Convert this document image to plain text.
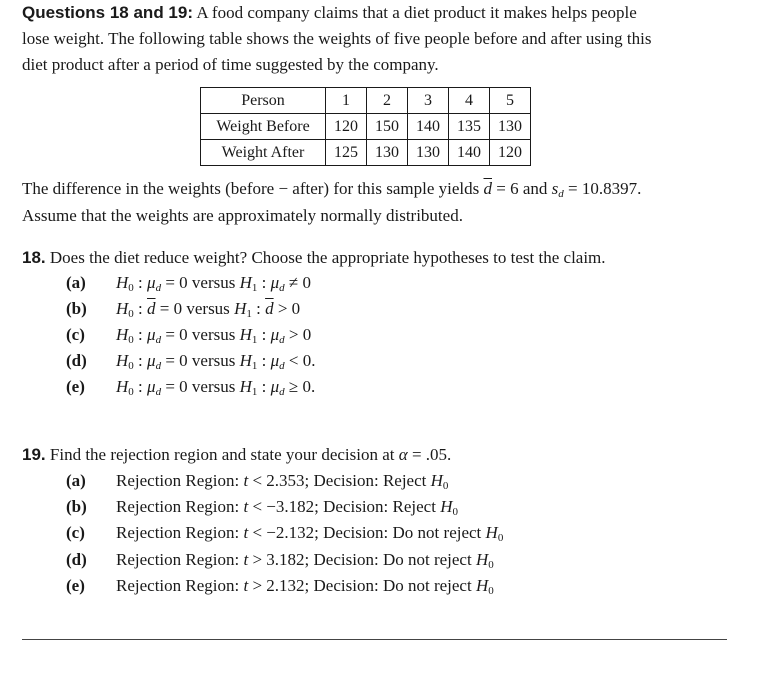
Questions 18 and 19: A food company claims that a diet product it makes helps people
lose weight. The following table shows the weights of five people before and after using this
diet product after a period of time suggested by the company.
Person	1	2	3	4	5
Weight Before	120	150	140	135	130
Weight After	125	130	130	140	120
The difference in the weights (before − after) for this sample yields $\overline{d} = 6$ and $s_d = 10.8397$.
Assume that the weights are approximately normally distributed.
18. Does the diet reduce weight? Choose the appropriate hypotheses to test the claim.
(a) H0 : $\mu_d = 0$ versus H1 : $\mu_d \ne 0$
(b) H0 : $\overline{d} = 0$ versus H1 : $\overline{d} > 0$
(c) H0 : $\mu_d = 0$ versus H1 : $\mu_d > 0$
(d) H0 : $\mu_d = 0$ versus H1 : $\mu_d < 0$.
(e) H0 : $\mu_d = 0$ versus H1 : $\mu_d \ge 0$.
19. Find the rejection region and state your decision at α = .05.
(a) Rejection Region: t < 2.353; Decision: Reject H0
(b) Rejection Region: t < −3.182; Decision: Reject H0
(c) Rejection Region: t < −2.132; Decision: Do not reject H0
(d) Rejection Region: t > 3.182; Decision: Do not reject H0
(e) Rejection Region: t > 2.132; Decision: Do not reject H0
